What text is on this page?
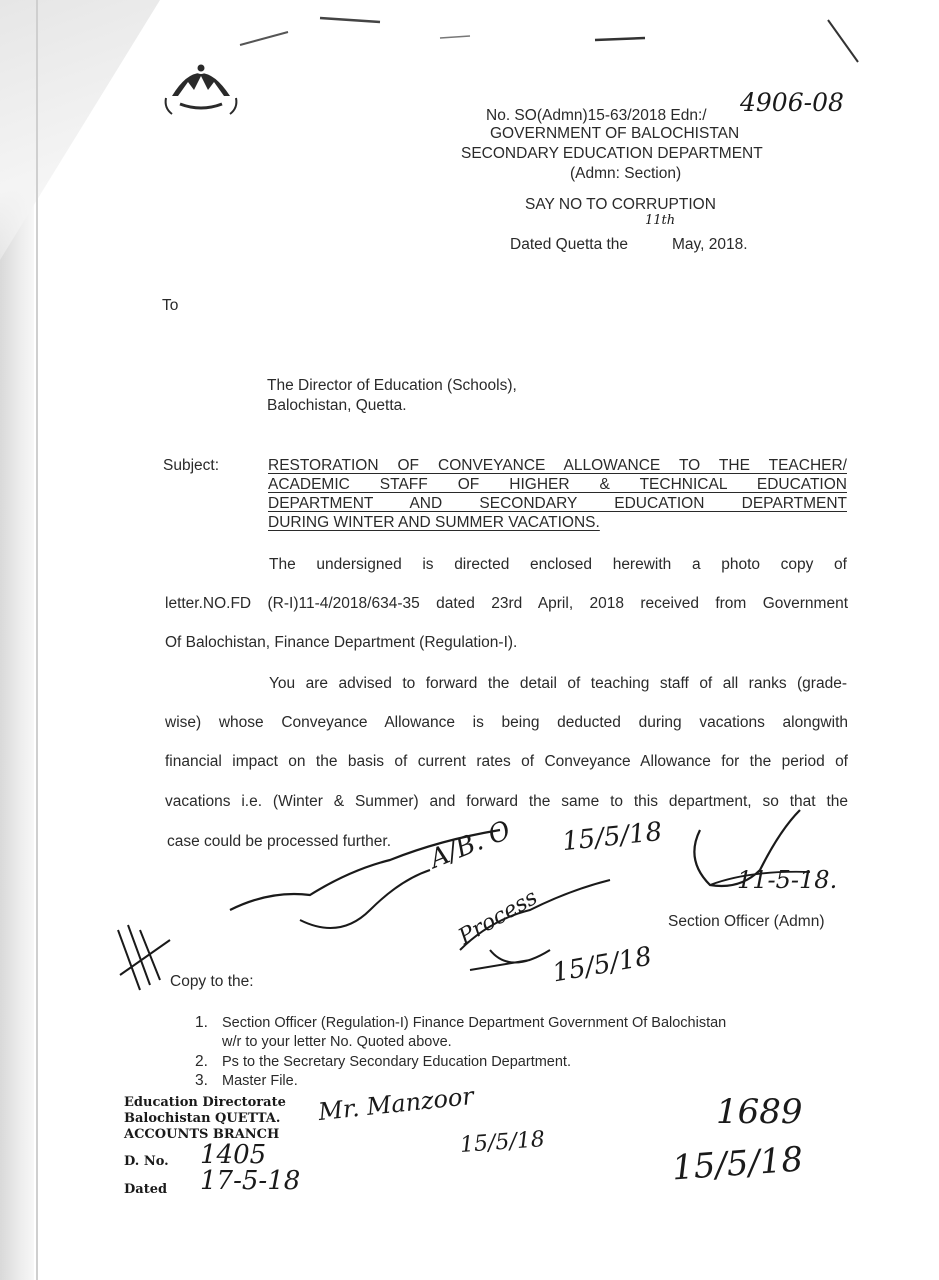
No. SO(Admn)15-63/2018 Edn:/ 4906-08
GOVERNMENT OF BALOCHISTAN
SECONDARY EDUCATION DEPARTMENT
(Admn: Section)
SAY NO TO CORRUPTION
11th
Dated Quetta the	May, 2018.
To
The Director of Education (Schools),
Balochistan, Quetta.
Subject:	RESTORATION OF CONVEYANCE ALLOWANCE TO THE TEACHER/
ACADEMIC STAFF OF HIGHER & TECHNICAL EDUCATION
DEPARTMENT AND SECONDARY EDUCATION DEPARTMENT
DURING WINTER AND SUMMER VACATIONS.
The undersigned is directed enclosed herewith a photo copy of
letter.NO.FD (R-I)11-4/2018/634-35 dated 23rd April, 2018 received from Government
Of Balochistan, Finance Department (Regulation-I).
You are advised to forward the detail of teaching staff of all ranks (grade-
wise) whose Conveyance Allowance is being deducted during vacations alongwith
financial impact on the basis of current rates of Conveyance Allowance for the period of
vacations i.e. (Winter & Summer) and forward the same to this department, so that the
case could be processed further. A/B. O 15/5/18
Process
15/5/18
11-5-18.
Section Officer (Admn)
Copy to the:
1. Section Officer (Regulation-I) Finance Department Government Of Balochistan
w/r to your letter No. Quoted above.
2. Ps to the Secretary Secondary Education Department.
3. Master File.
Education Directorate
Balochistan QUETTA.
ACCOUNTS BRANCH
D. No. 1405
Dated 17-5-18
Mr. Manzoor
15/5/18
1689
15/5/18
